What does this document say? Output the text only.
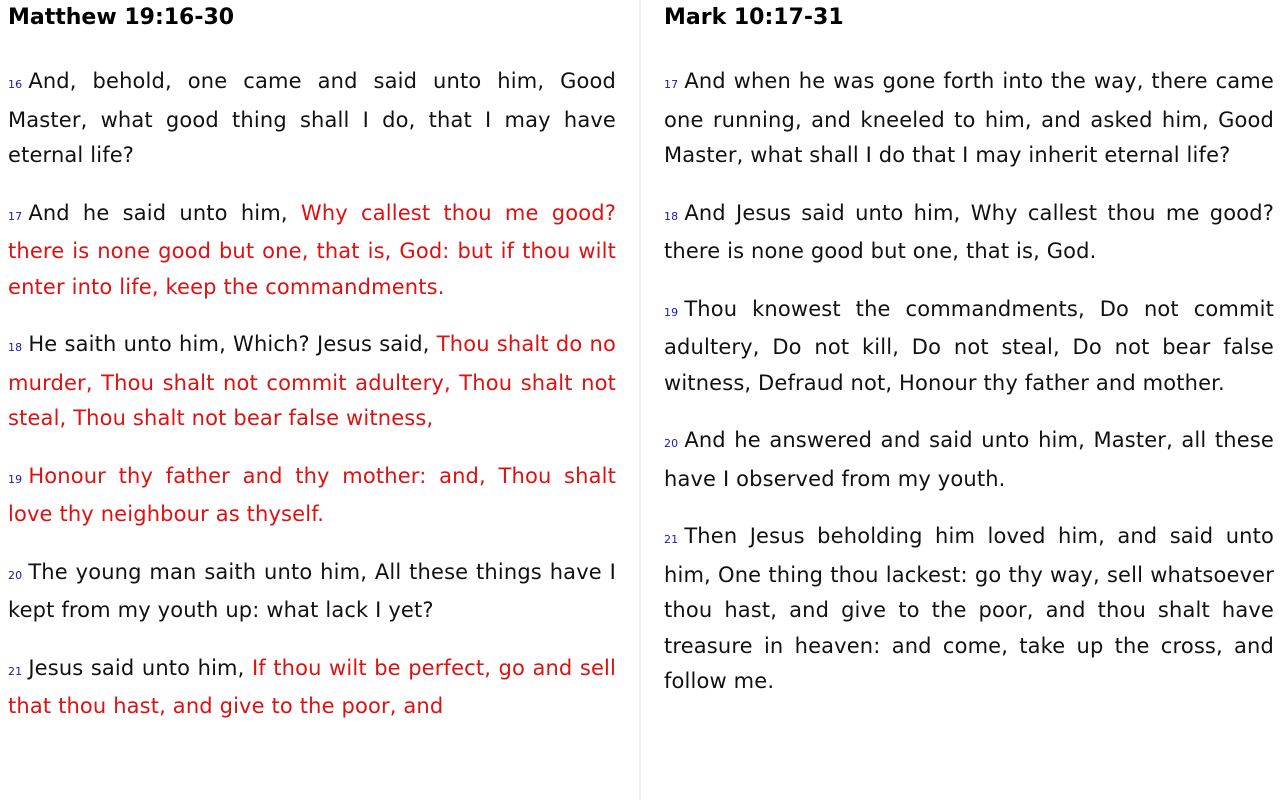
Matthew 19:16-30

16 And, behold, one came and said unto him, Good Master, what good thing shall I do, that I may have eternal life?

17 And he said unto him, Why callest thou me good? there is none good but one, that is, God: but if thou wilt enter into life, keep the commandments.

18 He saith unto him, Which? Jesus said, Thou shalt do no murder, Thou shalt not commit adultery, Thou shalt not steal, Thou shalt not bear false witness,

19 Honour thy father and thy mother: and, Thou shalt love thy neighbour as thyself.

20 The young man saith unto him, All these things have I kept from my youth up: what lack I yet?

21 Jesus said unto him, If thou wilt be perfect, go and sell that thou hast, and give to the poor, and

Mark 10:17-31

17 And when he was gone forth into the way, there came one running, and kneeled to him, and asked him, Good Master, what shall I do that I may inherit eternal life?

18 And Jesus said unto him, Why callest thou me good? there is none good but one, that is, God.

19 Thou knowest the commandments, Do not commit adultery, Do not kill, Do not steal, Do not bear false witness, Defraud not, Honour thy father and mother.

20 And he answered and said unto him, Master, all these have I observed from my youth.

21 Then Jesus beholding him loved him, and said unto him, One thing thou lackest: go thy way, sell whatsoever thou hast, and give to the poor, and thou shalt have treasure in heaven: and come, take up the cross, and follow me.
